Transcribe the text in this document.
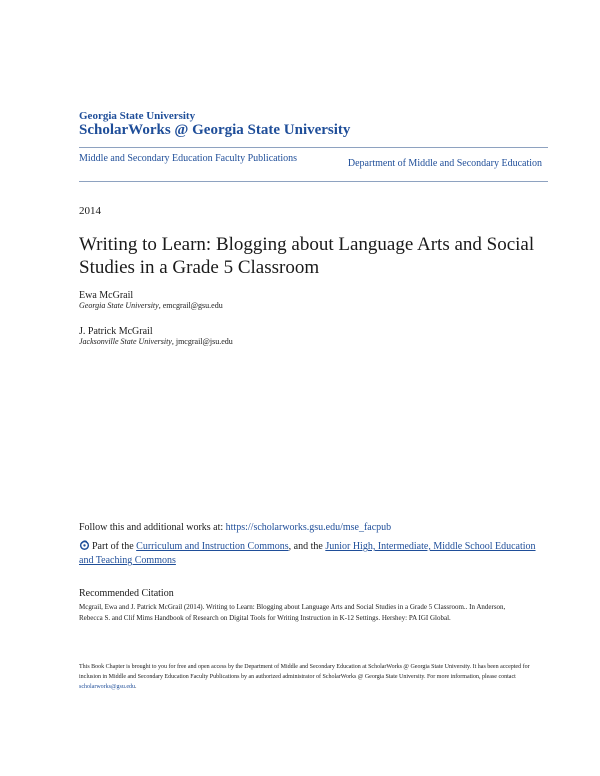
Georgia State University
ScholarWorks @ Georgia State University
Middle and Secondary Education Faculty Publications	Department of Middle and Secondary Education
2014
Writing to Learn: Blogging about Language Arts and Social Studies in a Grade 5 Classroom
Ewa McGrail
Georgia State University, emcgrail@gsu.edu
J. Patrick McGrail
Jacksonville State University, jmcgrail@jsu.edu
Follow this and additional works at: https://scholarworks.gsu.edu/mse_facpub
Part of the Curriculum and Instruction Commons, and the Junior High, Intermediate, Middle School Education and Teaching Commons
Recommended Citation
Mcgrail, Ewa and J. Patrick McGrail (2014). Writing to Learn: Blogging about Language Arts and Social Studies in a Grade 5 Classroom.. In Anderson, Rebecca S. and Clif Mims Handbook of Research on Digital Tools for Writing Instruction in K-12 Settings. Hershey: PA IGI Global.
This Book Chapter is brought to you for free and open access by the Department of Middle and Secondary Education at ScholarWorks @ Georgia State University. It has been accepted for inclusion in Middle and Secondary Education Faculty Publications by an authorized administrator of ScholarWorks @ Georgia State University. For more information, please contact scholarworks@gsu.edu.
